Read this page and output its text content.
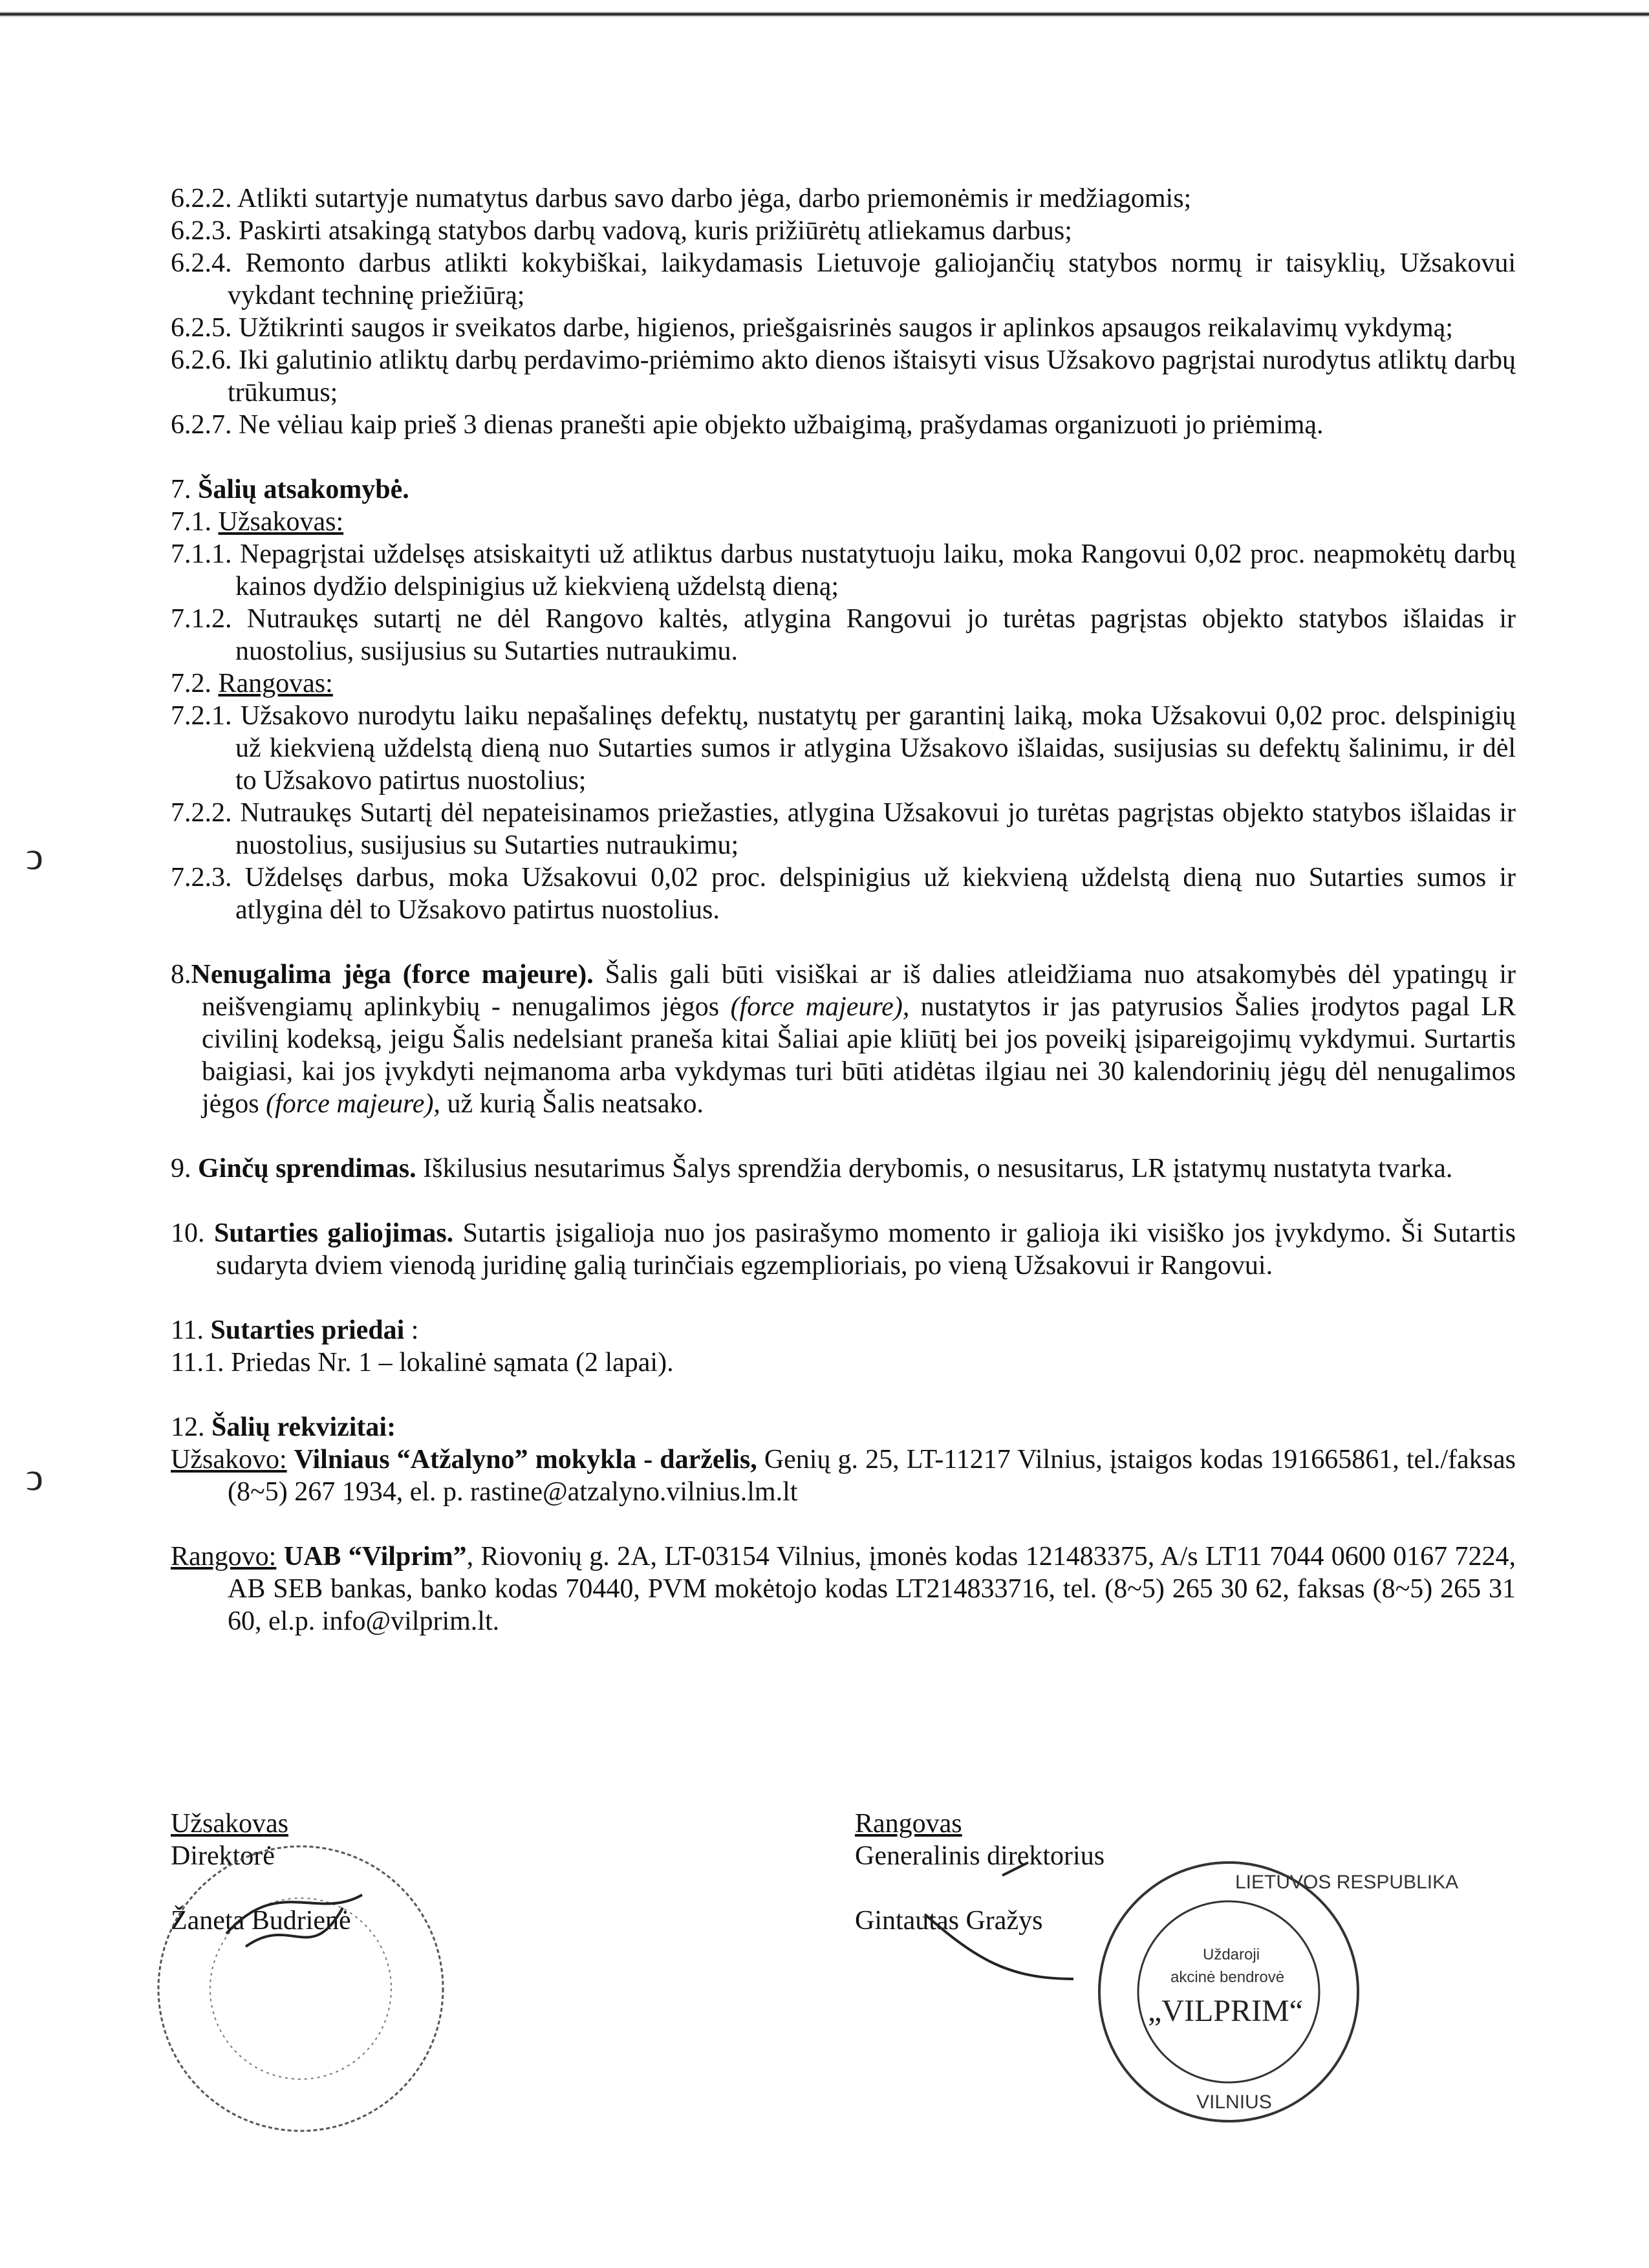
ↄ
ↄ
6.2.2. Atlikti sutartyje numatytus darbus savo darbo jėga, darbo priemonėmis ir medžiagomis;
6.2.3. Paskirti atsakingą statybos darbų vadovą, kuris prižiūrėtų atliekamus darbus;
6.2.4. Remonto darbus atlikti kokybiškai, laikydamasis Lietuvoje galiojančių statybos normų ir taisyklių, Užsakovui vykdant techninę priežiūrą;
6.2.5. Užtikrinti saugos ir sveikatos darbe, higienos, priešgaisrinės saugos ir aplinkos apsaugos reikalavimų vykdymą;
6.2.6. Iki galutinio atliktų darbų perdavimo-priėmimo akto dienos ištaisyti visus Užsakovo pagrįstai nurodytus atliktų darbų trūkumus;
6.2.7. Ne vėliau kaip prieš 3 dienas pranešti apie objekto užbaigimą, prašydamas organizuoti jo priėmimą.
7. Šalių atsakomybė.
7.1. Užsakovas:
7.1.1. Nepagrįstai uždelsęs atsiskaityti už atliktus darbus nustatytuoju laiku, moka Rangovui 0,02 proc. neapmokėtų darbų kainos dydžio delspinigius už kiekvieną uždelstą dieną;
7.1.2. Nutraukęs sutartį ne dėl Rangovo kaltės, atlygina Rangovui jo turėtas pagrįstas objekto statybos išlaidas ir nuostolius, susijusius su Sutarties nutraukimu.
7.2. Rangovas:
7.2.1. Užsakovo nurodytu laiku nepašalinęs defektų, nustatytų per garantinį laiką, moka Užsakovui 0,02 proc. delspinigių už kiekvieną uždelstą dieną nuo Sutarties sumos ir atlygina Užsakovo išlaidas, susijusias su defektų šalinimu, ir dėl to Užsakovo patirtus nuostolius;
7.2.2. Nutraukęs Sutartį dėl nepateisinamos priežasties, atlygina Užsakovui jo turėtas pagrįstas objekto statybos išlaidas ir nuostolius, susijusius su Sutarties nutraukimu;
7.2.3. Uždelsęs darbus, moka Užsakovui 0,02 proc. delspinigius už kiekvieną uždelstą dieną nuo Sutarties sumos ir atlygina dėl to Užsakovo patirtus nuostolius.
8.Nenugalima jėga (force majeure). Šalis gali būti visiškai ar iš dalies atleidžiama nuo atsakomybės dėl ypatingų ir neišvengiamų aplinkybių - nenugalimos jėgos (force majeure), nustatytos ir jas patyrusios Šalies įrodytos pagal LR civilinį kodeksą, jeigu Šalis nedelsiant praneša kitai Šaliai apie kliūtį bei jos poveikį įsipareigojimų vykdymui. Surtartis baigiasi, kai jos įvykdyti neįmanoma arba vykdymas turi būti atidėtas ilgiau nei 30 kalendorinių jėgų dėl nenugalimos jėgos (force majeure), už kurią Šalis neatsako.
9. Ginčų sprendimas. Iškilusius nesutarimus Šalys sprendžia derybomis, o nesusitarus, LR įstatymų nustatyta tvarka.
10. Sutarties galiojimas. Sutartis įsigalioja nuo jos pasirašymo momento ir galioja iki visiško jos įvykdymo. Ši Sutartis sudaryta dviem vienodą juridinę galią turinčiais egzemplioriais, po vieną Užsakovui ir Rangovui.
11. Sutarties priedai :
11.1. Priedas Nr. 1 – lokalinė sąmata (2 lapai).
12. Šalių rekvizitai:
Užsakovo: Vilniaus “Atžalyno” mokykla - darželis, Genių g. 25, LT-11217 Vilnius, įstaigos kodas 191665861, tel./faksas (8~5) 267 1934, el. p. rastine@atzalyno.vilnius.lm.lt
Rangovo: UAB “Vilprim”, Riovonių g. 2A, LT-03154 Vilnius, įmonės kodas 121483375, A/s LT11 7044 0600 0167 7224, AB SEB bankas, banko kodas 70440, PVM mokėtojo kodas LT214833716, tel. (8~5) 265 30 62, faksas (8~5) 265 31 60, el.p. info@vilprim.lt.
Užsakovas
Direktorė
Žaneta Budrienė
Rangovas
Generalinis direktorius
Gintautas Gražys
LIETUVOS RESPUBLIKA
Uždaroji
akcinė bendrovė
„VILPRIM“
VILNIUS
